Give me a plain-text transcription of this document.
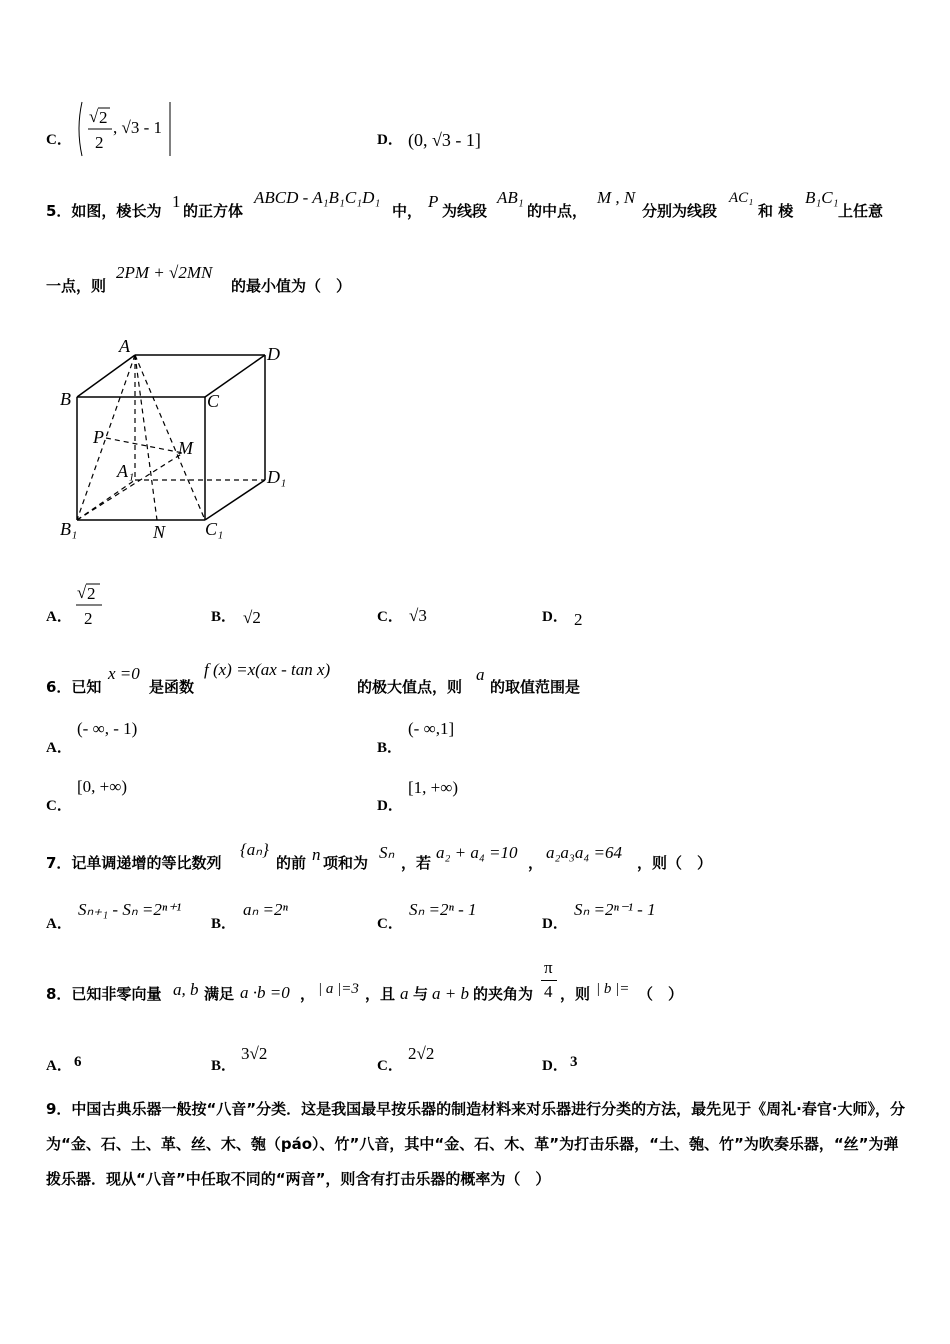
C．
√ 2
2
, √3 - 1
D． (0, √3 - 1]
5．如图，棱长为 1 的正方体
ABCD - A₁B₁C₁D₁
中， P 为线段
AB₁
的中点，
M , N
分别为线段
AC₁
和 棱
B₁C₁
上任意
一点，则
2PM + √2MN
的最小值为（　）
A	D
B	C
P
M
A₁	D₁
B₁	N C₁
A．
√ 2
2	B． √2	C． √3	D． 2
6．已知
x =0
是函数
f (x) =x(ax - tan x)
的极大值点，则
a
的取值范围是
A．
(- ∞, - 1)
B．
(- ∞,1]
C．
[0, +∞)
D．
[1, +∞)
7．记单调递增的等比数列
{aₙ}
的前 n 项和为
Sₙ
，若
a₂ + a₄ =10
，
a₂a₃a₄ =64
，则（　）
A．
Sₙ₊₁ - Sₙ =2ⁿ⁺¹
B．
aₙ =2ⁿ
C．
Sₙ =2ⁿ - 1
D．
Sₙ =2ⁿ⁻¹ - 1
8．已知非零向量 a, b 满足 a ·b =0 ， | a |=3 ，且 a 与 a + b 的夹角为
π
4 ，则 | b |= （　）
A． 6	B．
3√2
C．
2√2
D． 3
9．中国古典乐器一般按“八音”分类．这是我国最早按乐器的制造材料来对乐器进行分类的方法，最先见于《周礼·春官·大师》，分为“金、石、土、革、丝、木、匏（páo）、竹”八音，其中“金、石、木、革”为打击乐器，“土、匏、竹”为吹奏乐器，“丝”为弹拨乐器．现从“八音”中任取不同的“两音”，则含有打击乐器的概率为（　）
